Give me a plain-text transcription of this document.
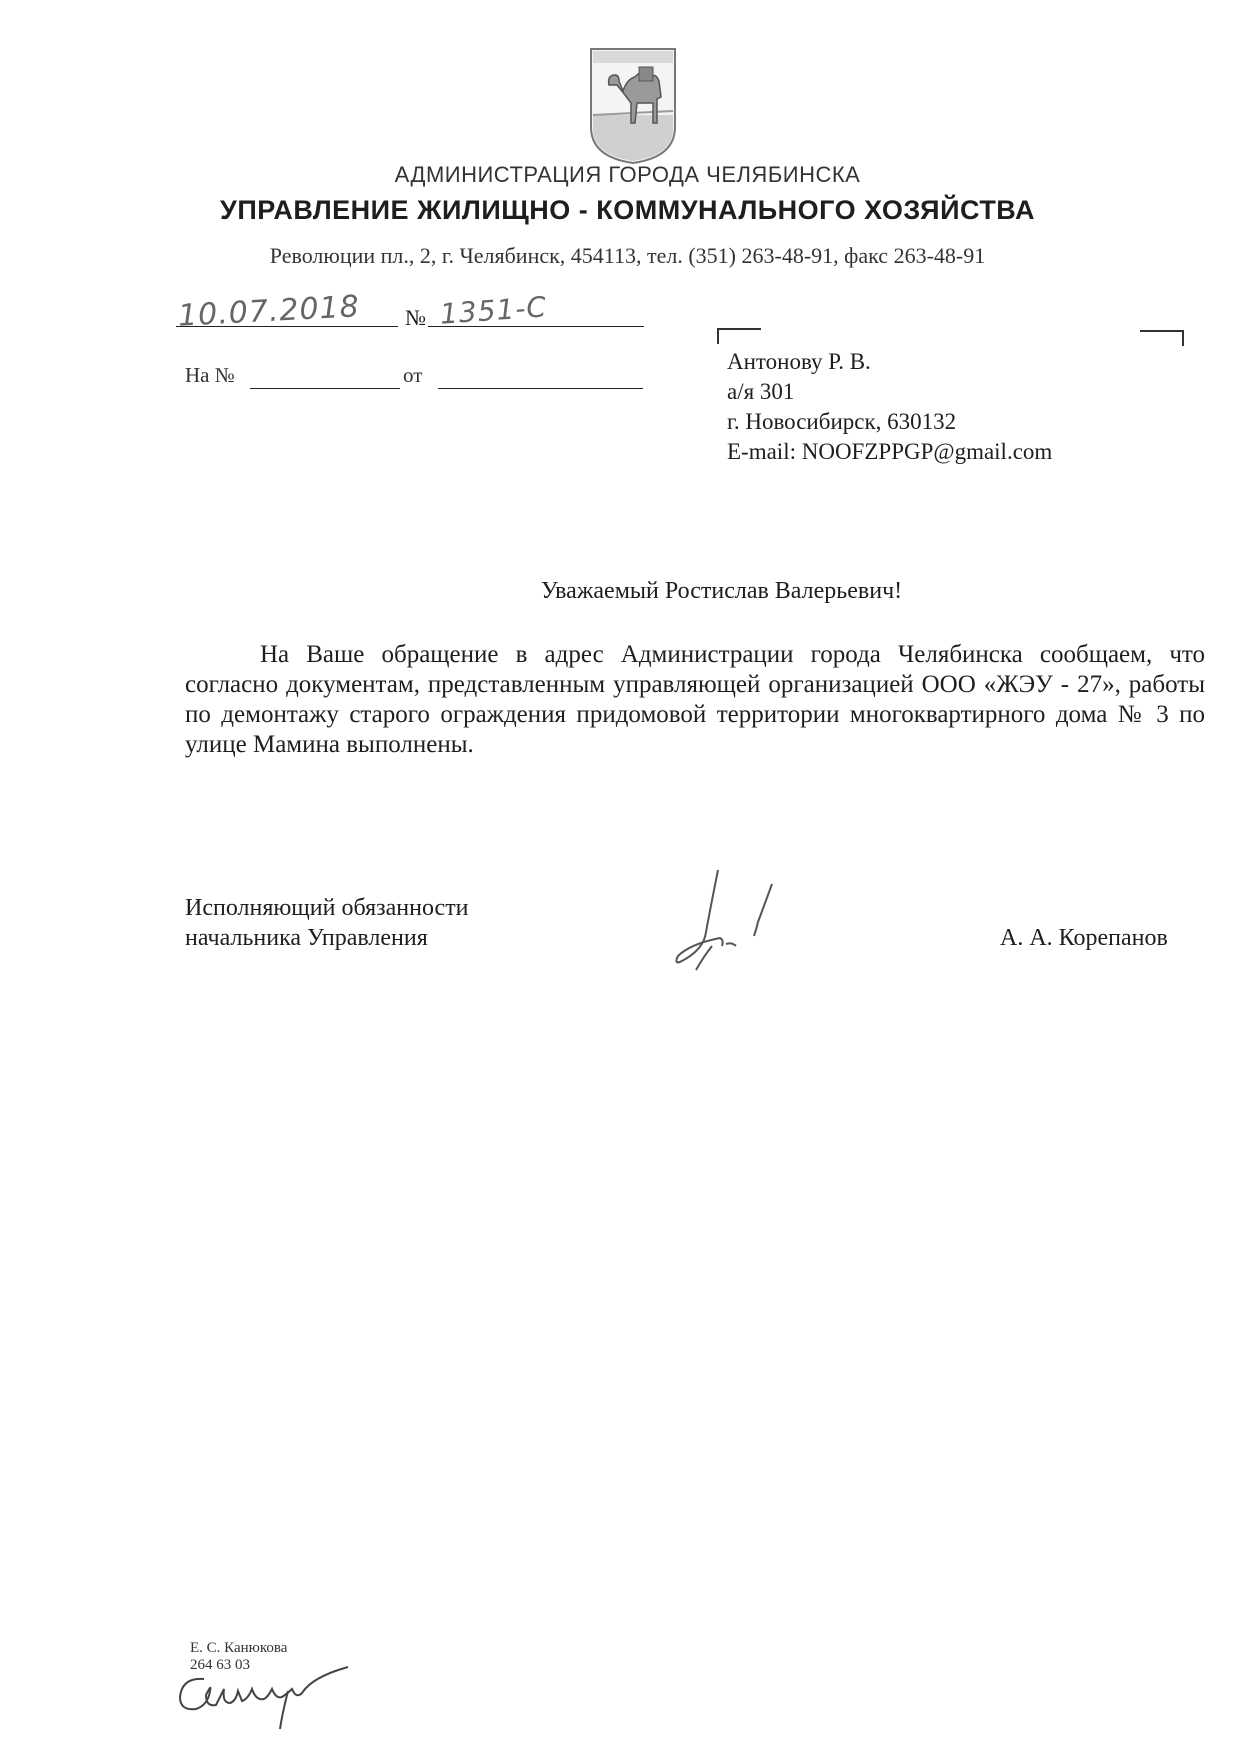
АДМИНИСТРАЦИЯ ГОРОДА ЧЕЛЯБИНСКА
УПРАВЛЕНИЕ ЖИЛИЩНО - КОММУНАЛЬНОГО ХОЗЯЙСТВА
Революции пл., 2, г. Челябинск, 454113, тел. (351) 263-48-91, факс 263-48-91
10.07.2018 № 1351-С
На №	от
Антонову Р. В.
а/я 301
г. Новосибирск, 630132
E-mail: NOOFZPPGP@gmail.com
Уважаемый Ростислав Валерьевич!
На Ваше обращение в адрес Администрации города Челябинска сообщаем, что согласно документам, представленным управляющей организацией ООО «ЖЭУ - 27», работы по демонтажу старого ограждения придомовой территории многоквартирного дома № 3 по улице Мамина выполнены.
Исполняющий обязанности
начальника Управления	А. А. Корепанов
Е. С. Канюкова
264 63 03
